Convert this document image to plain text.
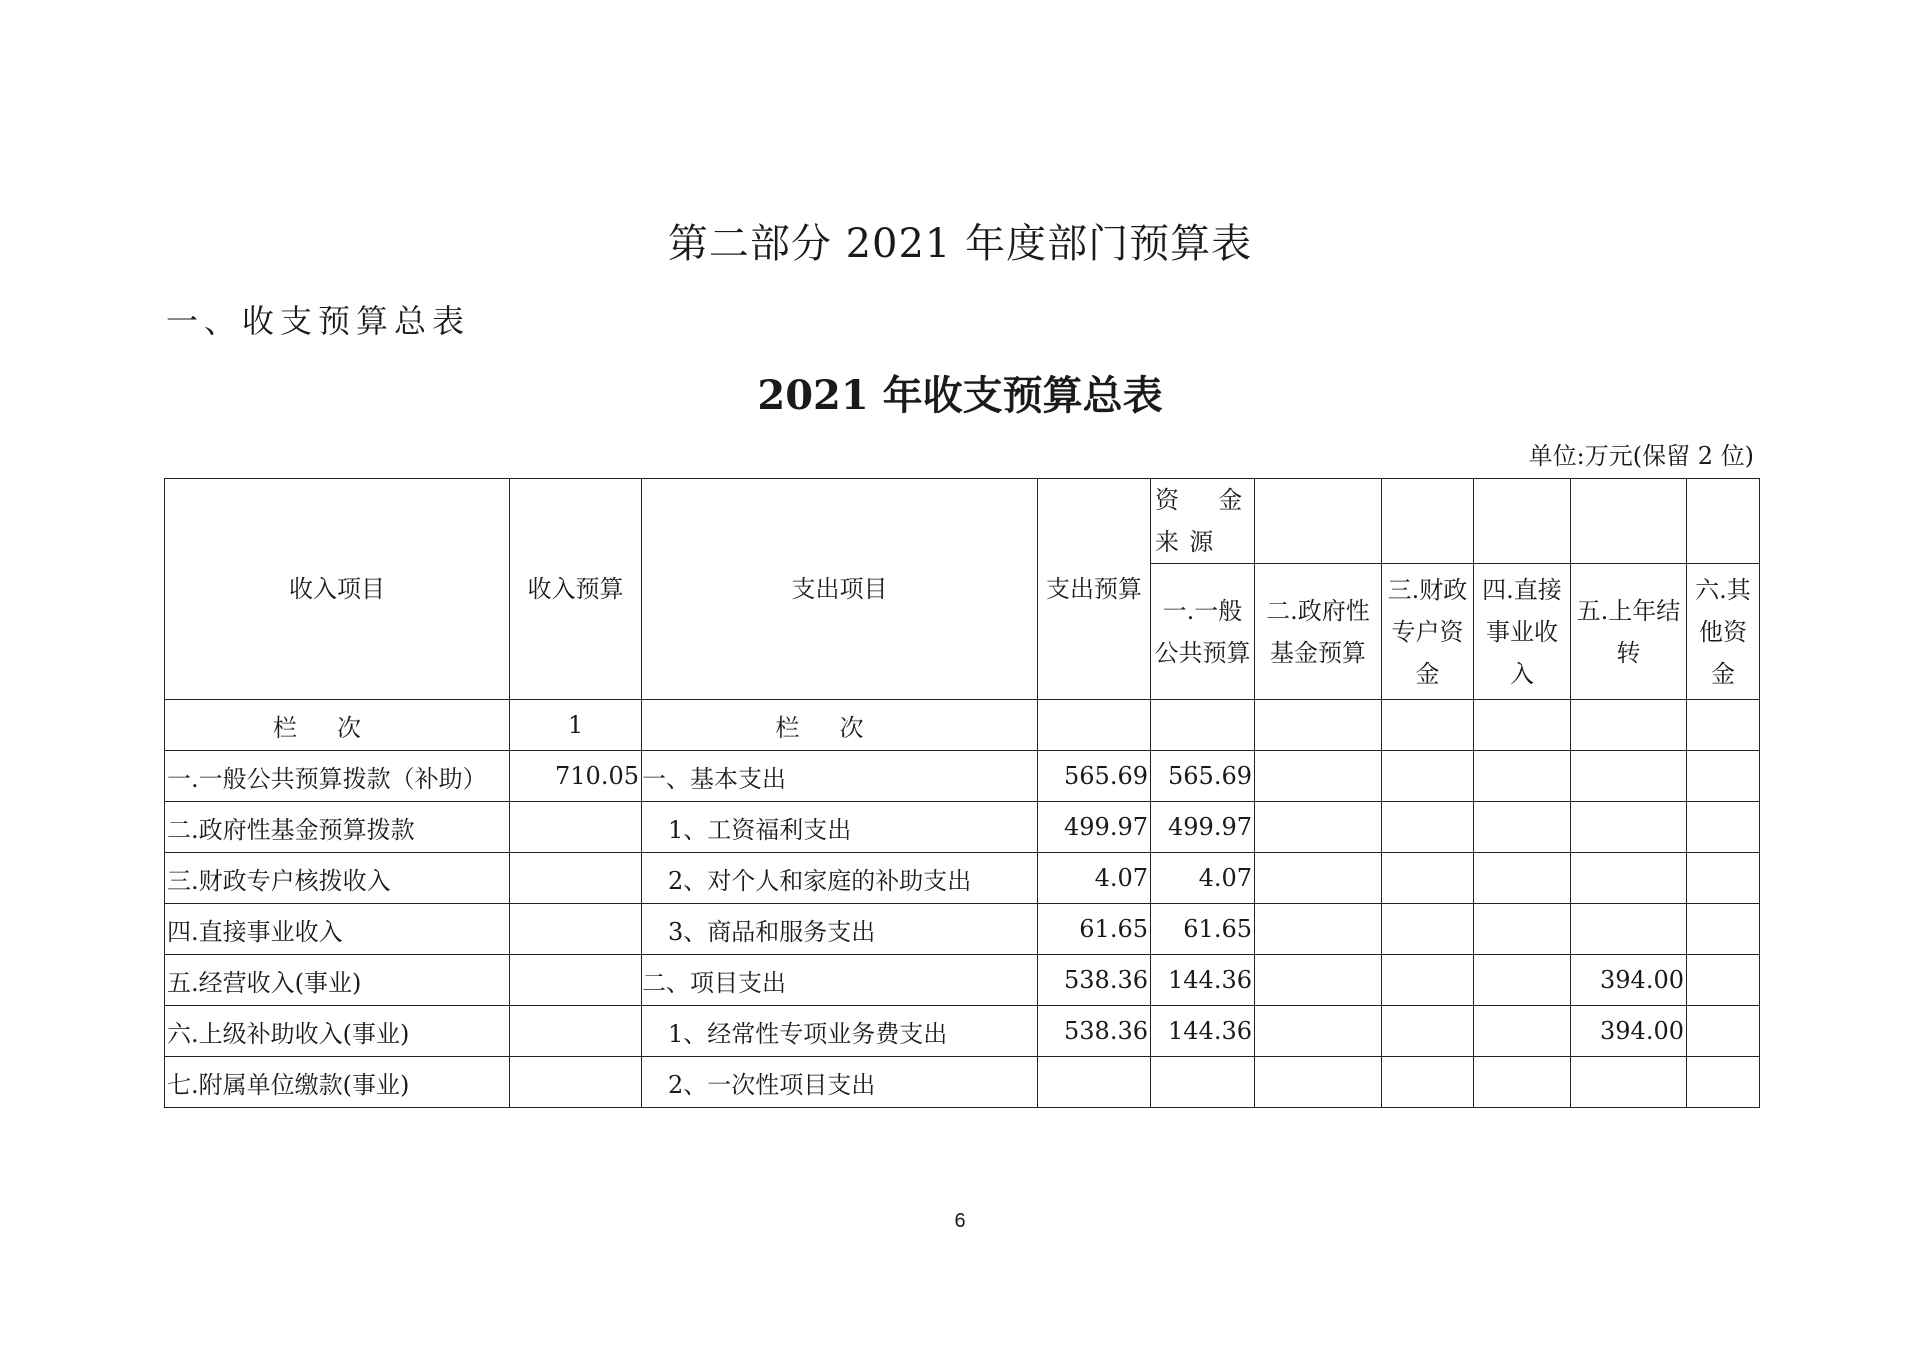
第二部分 2021 年度部门预算表
一、收支预算总表
2021 年收支预算总表
单位:万元(保留 2 位)
收入项目	收入预算	支出项目	支出预算	资 金
来 源					

				一.一般公共预算	二.政府性基金预算	三.财政专户资金	四.直接事业收入	五.上年结转	六.其他资金
栏次	1	栏次							
一.一般公共预算拨款（补助）	710.05	一、基本支出	565.69	565.69					
二.政府性基金预算拨款		1、工资福利支出	499.97	499.97					
三.财政专户核拨收入		2、对个人和家庭的补助支出	4.07	4.07					
四.直接事业收入		3、商品和服务支出	61.65	61.65					
五.经营收入(事业)		二、项目支出	538.36	144.36				394.00	
六.上级补助收入(事业)		1、经常性专项业务费支出	538.36	144.36				394.00	
七.附属单位缴款(事业)		2、一次性项目支出							
6
